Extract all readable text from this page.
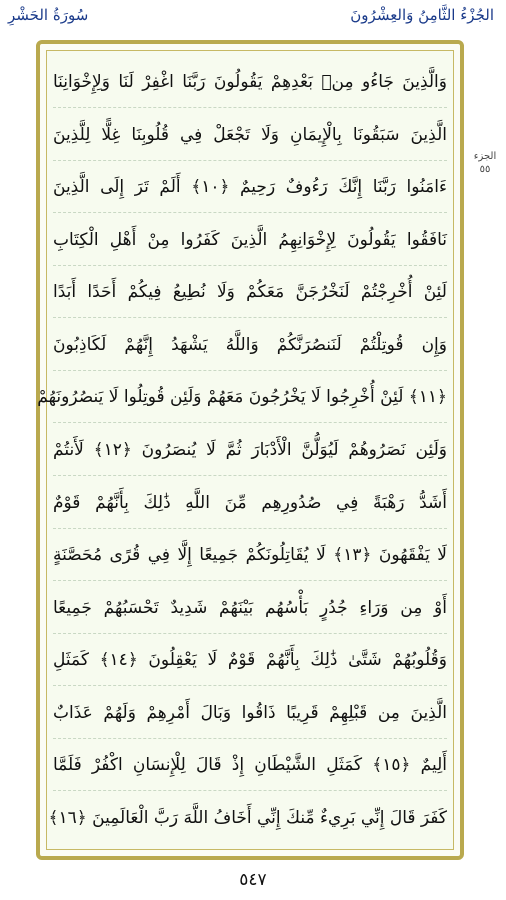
سُورَةُ الحَشْرِ	الجُزْءُ الثَّامِنُ وَالعِشْرُونَ
الجزء
٥٥
وَالَّذِينَ جَاءُو مِنۢ بَعْدِهِمْ يَقُولُونَ رَبَّنَا اغْفِرْ لَنَا وَلِإِخْوَانِنَا
الَّذِينَ سَبَقُونَا بِالْإِيمَانِ وَلَا تَجْعَلْ فِي قُلُوبِنَا غِلًّا لِلَّذِينَ
ءَامَنُوا رَبَّنَا إِنَّكَ رَءُوفٌ رَحِيمٌ ﴿١٠﴾ أَلَمْ تَرَ إِلَى الَّذِينَ
نَافَقُوا يَقُولُونَ لِإِخْوَانِهِمُ الَّذِينَ كَفَرُوا مِنْ أَهْلِ الْكِتَابِ
لَئِنْ أُخْرِجْتُمْ لَنَخْرُجَنَّ مَعَكُمْ وَلَا نُطِيعُ فِيكُمْ أَحَدًا أَبَدًا
وَإِن قُوتِلْتُمْ لَنَنصُرَنَّكُمْ وَاللَّهُ يَشْهَدُ إِنَّهُمْ لَكَاذِبُونَ
﴿١١﴾ لَئِنْ أُخْرِجُوا لَا يَخْرُجُونَ مَعَهُمْ وَلَئِن قُوتِلُوا لَا يَنصُرُونَهُمْ
وَلَئِن نَصَرُوهُمْ لَيُوَلُّنَّ الْأَدْبَارَ ثُمَّ لَا يُنصَرُونَ ﴿١٢﴾ لَأَنتُمْ
أَشَدُّ رَهْبَةً فِي صُدُورِهِم مِّنَ اللَّهِ ذَٰلِكَ بِأَنَّهُمْ قَوْمٌ
لَا يَفْقَهُونَ ﴿١٣﴾ لَا يُقَاتِلُونَكُمْ جَمِيعًا إِلَّا فِي قُرًى مُحَصَّنَةٍ
أَوْ مِن وَرَاءِ جُدُرٍ بَأْسُهُم بَيْنَهُمْ شَدِيدٌ تَحْسَبُهُمْ جَمِيعًا
وَقُلُوبُهُمْ شَتَّىٰ ذَٰلِكَ بِأَنَّهُمْ قَوْمٌ لَا يَعْقِلُونَ ﴿١٤﴾ كَمَثَلِ
الَّذِينَ مِن قَبْلِهِمْ قَرِيبًا ذَاقُوا وَبَالَ أَمْرِهِمْ وَلَهُمْ عَذَابٌ
أَلِيمٌ ﴿١٥﴾ كَمَثَلِ الشَّيْطَانِ إِذْ قَالَ لِلْإِنسَانِ اكْفُرْ فَلَمَّا
كَفَرَ قَالَ إِنِّي بَرِيءٌ مِّنكَ إِنِّي أَخَافُ اللَّهَ رَبَّ الْعَالَمِينَ ﴿١٦﴾
٥٤٧
